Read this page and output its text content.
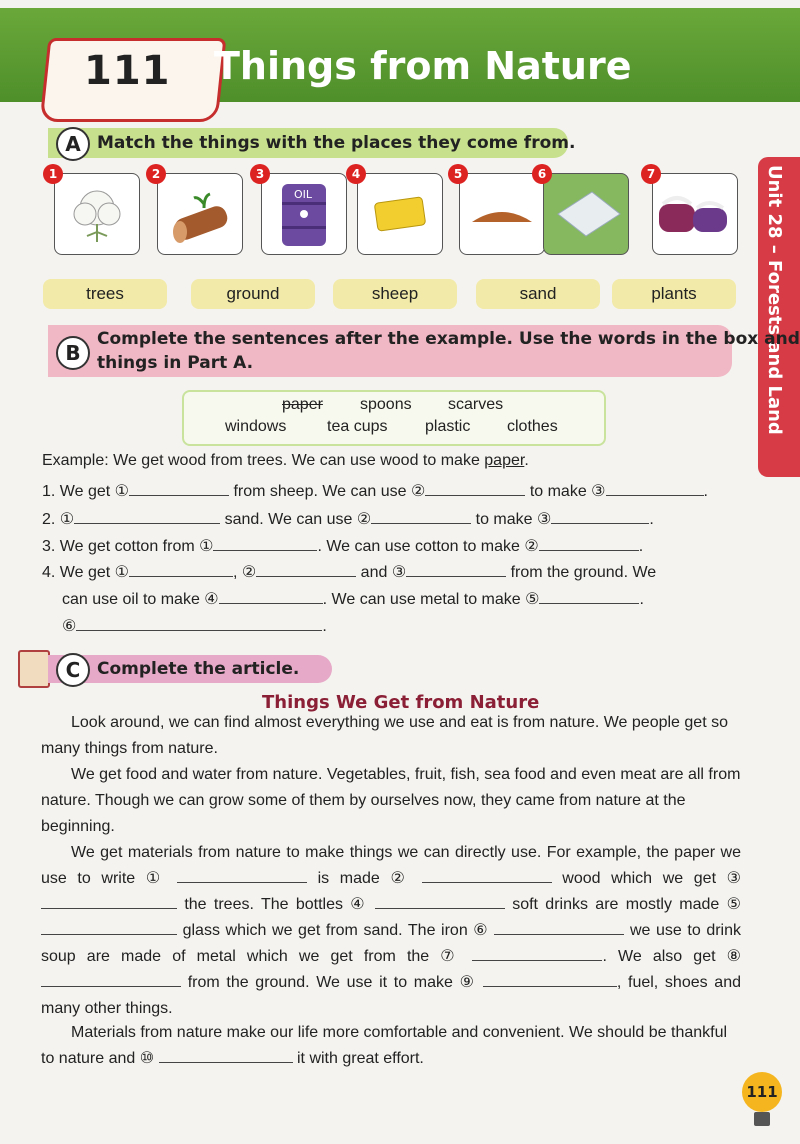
111 Things from Nature
Unit 28 – Forests and Land
A Match the things with the places they come from.
1	2	3
OIL
4	5	6	7
trees	ground	sheep	sand	plants
B
Complete the sentences after the example. Use the words in the box and
things in Part A.
paper spoons scarves
windows	tea cups plastic clothes
Example: We get wood from trees. We can use wood to make paper.
1. We get ①	from sheep. We can use ②	to make ③	.
2. ①	sand. We can use ②	to make ③	.
3. We get cotton from ①	. We can use cotton to make ②	.
4. We get ①	, ②	and ③	from the ground. We
can use oil to make ④	. We can use metal to make ⑤	.
⑥	.
C Complete the article.
Things We Get from Nature
Look around, we can find almost everything we use and eat is from nature. We people get so many things from nature.
We get food and water from nature. Vegetables, fruit, fish, sea food and even meat are all from nature. Though we can grow some of them by ourselves now, they came from nature at the beginning.
We get materials from nature to make things we can directly use. For example, the paper we use to write ①	is made ②	wood which we get ③  the trees. The bottles ④	soft drinks are mostly made ⑤  glass which we get from sand. The iron ⑥	we use to drink soup are made of metal which we get from the ⑦	. We also get ⑧  from the ground. We use it to make ⑨	, fuel, shoes and many other things.
Materials from nature make our life more comfortable and convenient. We should be thankful to nature and ⑩	it with great effort.
111
